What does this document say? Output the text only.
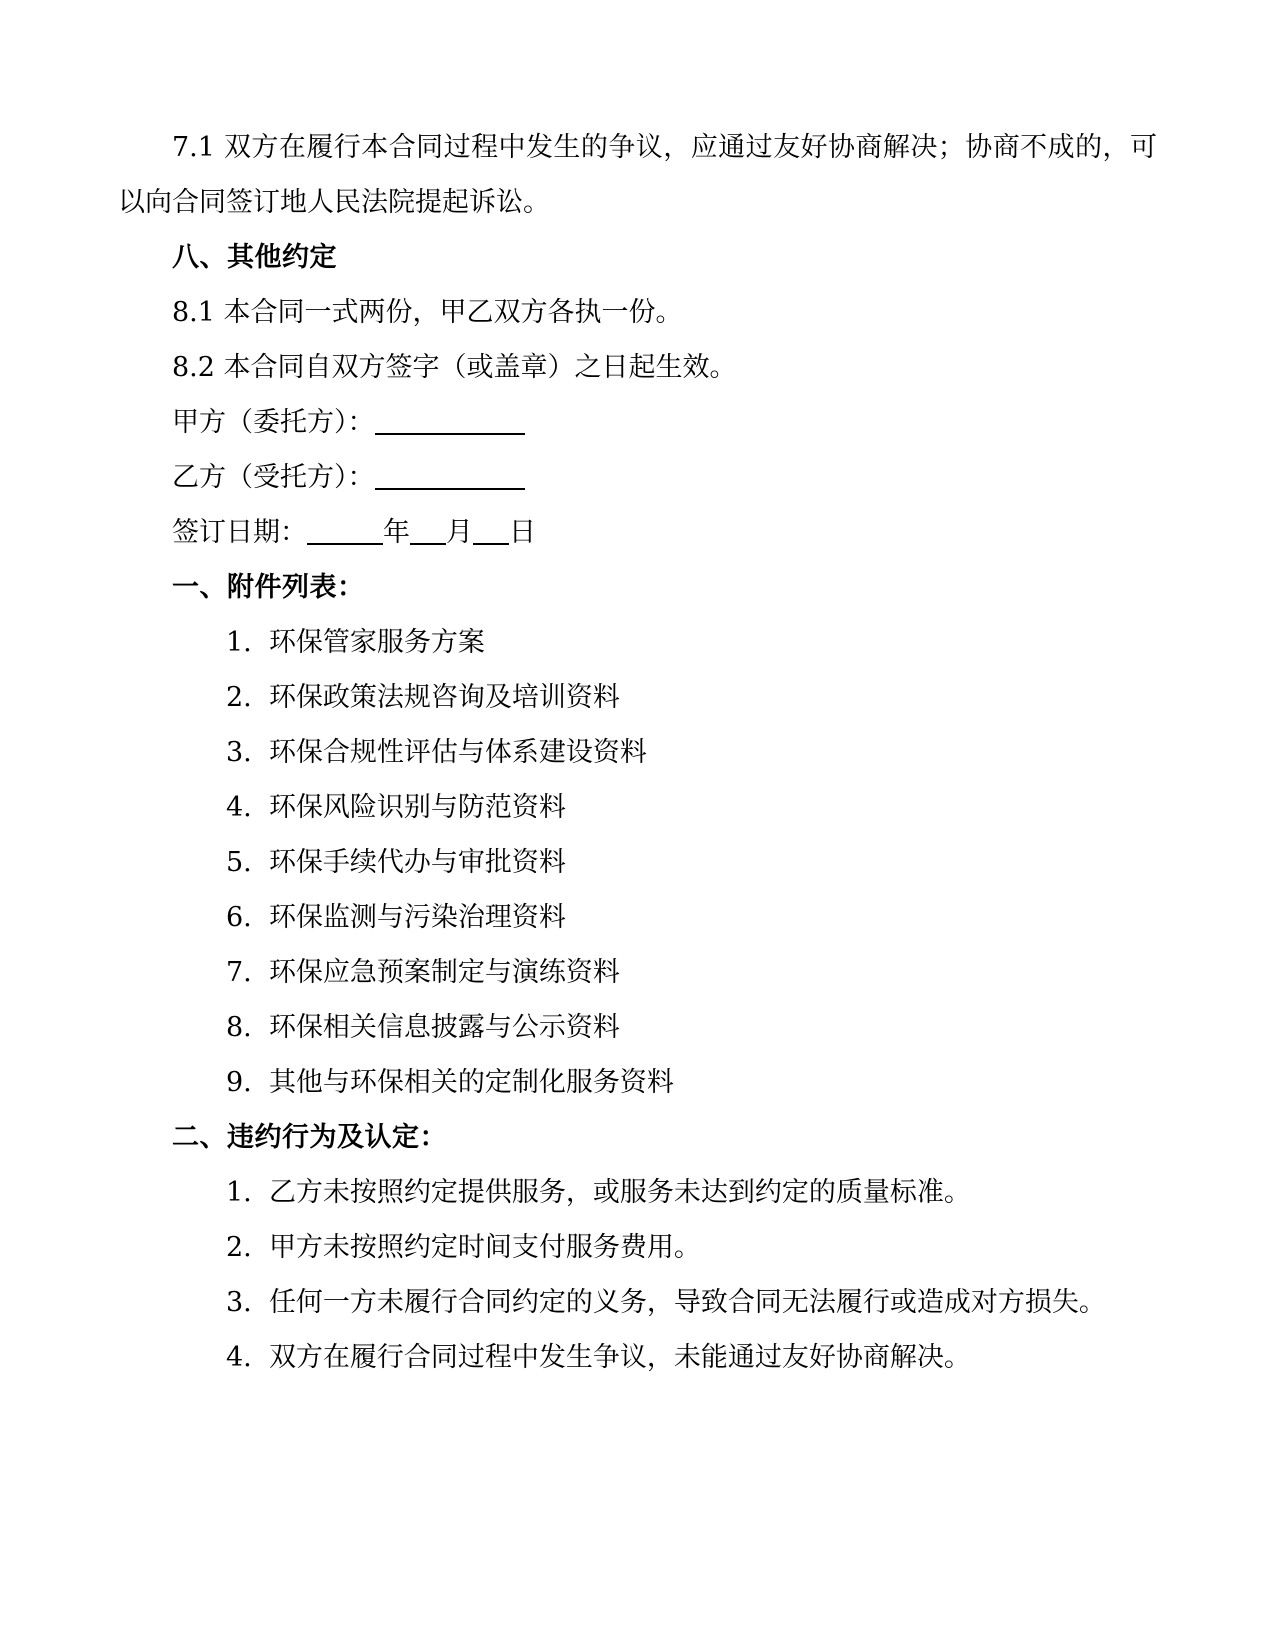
7.1 双方在履行本合同过程中发生的争议，应通过友好协商解决；协商不成的，可以向合同签订地人民法院提起诉讼。

八、其他约定

8.1 本合同一式两份，甲乙双方各执一份。

8.2 本合同自双方签字（或盖章）之日起生效。

甲方（委托方）：

乙方（受托方）：

签订日期：	年 月 日

一、附件列表：

1. 环保管家服务方案

2. 环保政策法规咨询及培训资料

3. 环保合规性评估与体系建设资料

4. 环保风险识别与防范资料

5. 环保手续代办与审批资料

6. 环保监测与污染治理资料

7. 环保应急预案制定与演练资料

8. 环保相关信息披露与公示资料

9. 其他与环保相关的定制化服务资料

二、违约行为及认定：

1. 乙方未按照约定提供服务，或服务未达到约定的质量标准。

2. 甲方未按照约定时间支付服务费用。

3. 任何一方未履行合同约定的义务，导致合同无法履行或造成对方损失。

4. 双方在履行合同过程中发生争议，未能通过友好协商解决。
